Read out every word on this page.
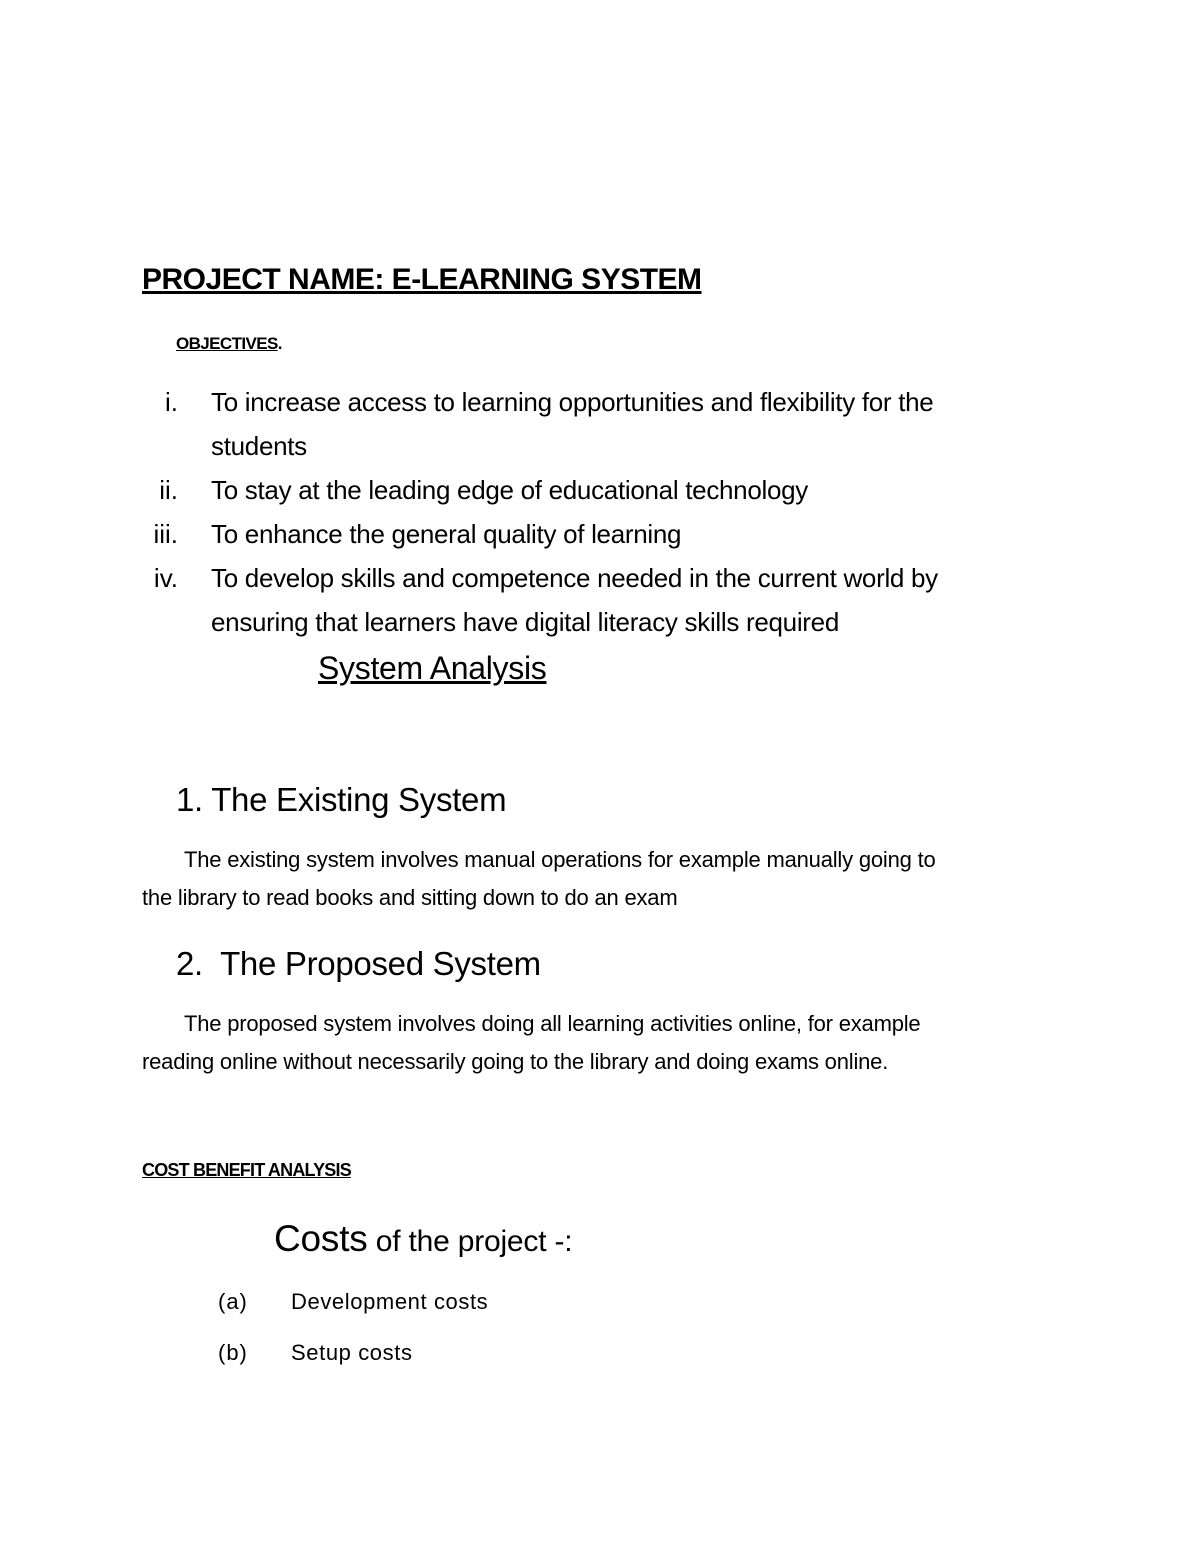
PROJECT NAME: E-LEARNING SYSTEM
OBJECTIVES.
i. To increase access to learning opportunities and flexibility for the
students
ii. To stay at the leading edge of educational technology
iii. To enhance the general quality of learning
iv. To develop skills and competence needed in the current world by
ensuring that learners have digital literacy skills required
System Analysis
1. The Existing System
The existing system involves manual operations for example manually going to
the library to read books and sitting down to do an exam
2. The Proposed System
The proposed system involves doing all learning activities online, for example
reading online without necessarily going to the library and doing exams online.
COST BENEFIT ANALYSIS
Costs of the project -:
(a) Development costs
(b) Setup costs
